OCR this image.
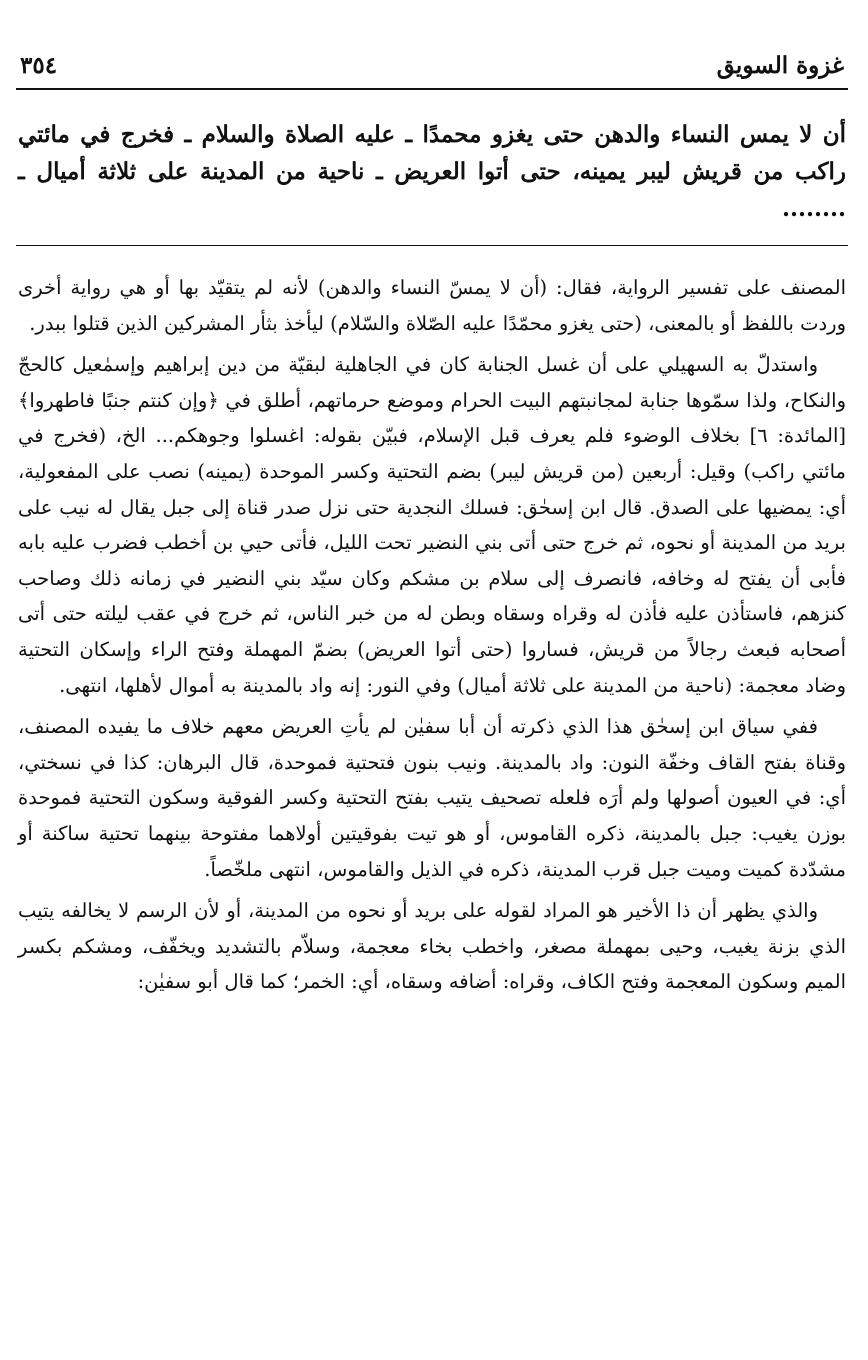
غزوة السويق
٣٥٤

أن لا يمس النساء والدهن حتى يغزو محمدًا ـ عليه الصلاة والسلام ـ فخرج في مائتي راكب من قريش ليبر يمينه، حتى أتوا العريض ـ ناحية من المدينة على ثلاثة أميال ـ ........

المصنف على تفسير الرواية، فقال: (أن لا يمسّ النساء والدهن) لأنه لم يتقيّد بها أو هي رواية أخرى وردت باللفظ أو بالمعنى، (حتى يغزو محمّدًا عليه الصّلاة والسّلام) ليأخذ بثأر المشركين الذين قتلوا ببدر.

واستدلّ به السهيلي على أن غسل الجنابة كان في الجاهلية لبقيّة من دين إبراهيم وإسمٰعيل كالحجّ والنكاح، ولذا سمّوها جنابة لمجانبتهم البيت الحرام وموضع حرماتهم، أطلق في ﴿وإن كنتم جنبًا فاطهروا﴾ [المائدة: ٦] بخلاف الوضوء فلم يعرف قبل الإسلام، فبيّن بقوله: اغسلوا وجوهكم... الخ، (فخرج في مائتي راكب) وقيل: أربعين (من قريش ليبر) بضم التحتية وكسر الموحدة (يمينه) نصب على المفعولية، أي: يمضيها على الصدق. قال ابن إسحٰق: فسلك النجدية حتى نزل صدر قناة إلى جبل يقال له نيب على بريد من المدينة أو نحوه، ثم خرج حتى أتى بني النضير تحت الليل، فأتى حيي بن أخطب فضرب عليه بابه فأبى أن يفتح له وخافه، فانصرف إلى سلام بن مشكم وكان سيّد بني النضير في زمانه ذلك وصاحب كنزهم، فاستأذن عليه فأذن له وقراه وسقاه وبطن له من خبر الناس، ثم خرج في عقب ليلته حتى أتى أصحابه فبعث رجالاً من قريش، فساروا (حتى أتوا العريض) بضمّ المهملة وفتح الراء وإسكان التحتية وضاد معجمة: (ناحية من المدينة على ثلاثة أميال) وفي النور: إنه واد بالمدينة به أموال لأهلها، انتهى.

ففي سياق ابن إسحٰق هذا الذي ذكرته أن أبا سفيٰن لم يأتِ العريض معهم خلاف ما يفيده المصنف، وقناة بفتح القاف وخفّة النون: واد بالمدينة. ونيب بنون فتحتية فموحدة، قال البرهان: كذا في نسختي، أي: في العيون أصولها ولم أرَه فلعله تصحيف يتيب بفتح التحتية وكسر الفوقية وسكون التحتية فموحدة بوزن يغيب: جبل بالمدينة، ذكره القاموس، أو هو تيت بفوقيتين أولاهما مفتوحة بينهما تحتية ساكنة أو مشدّدة كميت وميت جبل قرب المدينة، ذكره في الذيل والقاموس، انتهى ملخّصاً.

والذي يظهر أن ذا الأخير هو المراد لقوله على بريد أو نحوه من المدينة، أو لأن الرسم لا يخالفه يتيب الذي بزنة يغيب، وحيى بمهملة مصغر، واخطب بخاء معجمة، وسلاّم بالتشديد ويخفّف، ومشكم بكسر الميم وسكون المعجمة وفتح الكاف، وقراه: أضافه وسقاه، أي: الخمر؛ كما قال أبو سفيٰن:
